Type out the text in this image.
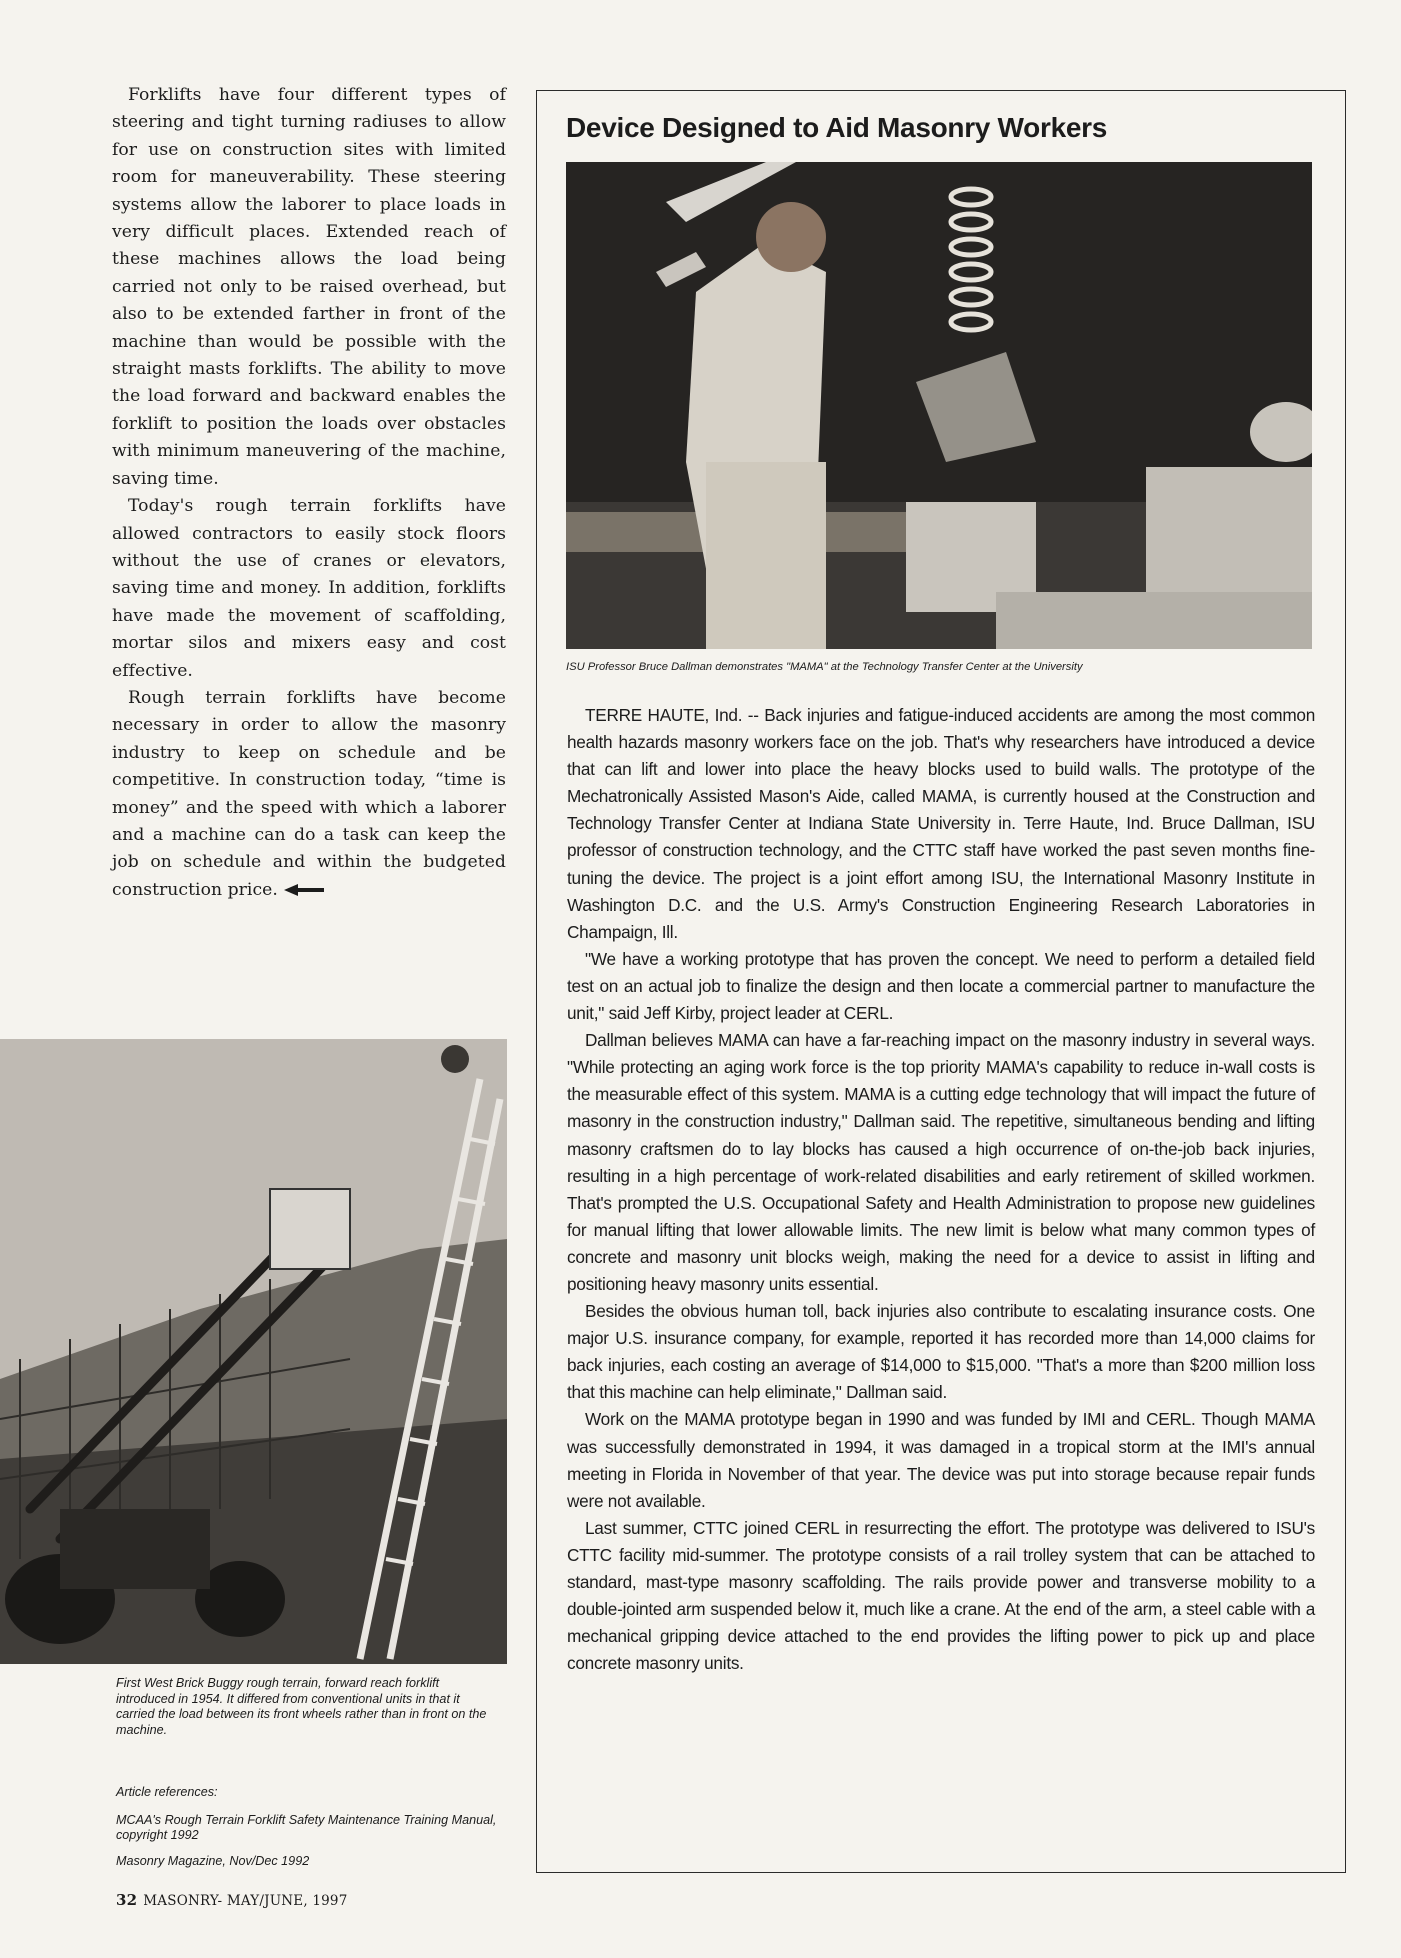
Forklifts have four different types of steering and tight turning radiuses to allow for use on construction sites with limited room for maneuverability. These steering systems allow the laborer to place loads in very difficult places. Extended reach of these machines allows the load being carried not only to be raised overhead, but also to be extended farther in front of the machine than would be possible with the straight masts forklifts. The ability to move the load forward and backward enables the forklift to position the loads over obstacles with minimum maneuvering of the machine, saving time.

Today's rough terrain forklifts have allowed contractors to easily stock floors without the use of cranes or elevators, saving time and money. In addition, forklifts have made the movement of scaffolding, mortar silos and mixers easy and cost effective.

Rough terrain forklifts have become necessary in order to allow the masonry industry to keep on schedule and be competitive. In construction today, “time is money” and the speed with which a laborer and a machine can do a task can keep the job on schedule and within the budgeted construction price.

First West Brick Buggy rough terrain, forward reach forklift introduced in 1954. It differed from conventional units in that it carried the load between its front wheels rather than in front on the machine.
Article references:
MCAA's Rough Terrain Forklift Safety Maintenance Training Manual, copyright 1992
Masonry Magazine, Nov/Dec 1992
32 MASONRY- MAY/JUNE, 1997
Device Designed to Aid Masonry Workers
ISU Professor Bruce Dallman demonstrates "MAMA" at the Technology Transfer Center at the University

TERRE HAUTE, Ind. -- Back injuries and fatigue-induced accidents are among the most common health hazards masonry workers face on the job. That's why researchers have introduced a device that can lift and lower into place the heavy blocks used to build walls. The prototype of the Mechatronically Assisted Mason's Aide, called MAMA, is currently housed at the Construction and Technology Transfer Center at Indiana State University in. Terre Haute, Ind. Bruce Dallman, ISU professor of construction technology, and the CTTC staff have worked the past seven months fine-tuning the device. The project is a joint effort among ISU, the International Masonry Institute in Washington D.C. and the U.S. Army's Construction Engineering Research Laboratories in Champaign, Ill.

"We have a working prototype that has proven the concept. We need to perform a detailed field test on an actual job to finalize the design and then locate a commercial partner to manufacture the unit," said Jeff Kirby, project leader at CERL.

Dallman believes MAMA can have a far-reaching impact on the masonry industry in several ways. "While protecting an aging work force is the top priority MAMA's capability to reduce in-wall costs is the measurable effect of this system. MAMA is a cutting edge technology that will impact the future of masonry in the construction industry," Dallman said. The repetitive, simultaneous bending and lifting masonry craftsmen do to lay blocks has caused a high occurrence of on-the-job back injuries, resulting in a high percentage of work-related disabilities and early retirement of skilled workmen. That's prompted the U.S. Occupational Safety and Health Administration to propose new guidelines for manual lifting that lower allowable limits. The new limit is below what many common types of concrete and masonry unit blocks weigh, making the need for a device to assist in lifting and positioning heavy masonry units essential.

Besides the obvious human toll, back injuries also contribute to escalating insurance costs. One major U.S. insurance company, for example, reported it has recorded more than 14,000 claims for back injuries, each costing an average of $14,000 to $15,000. "That's a more than $200 million loss that this machine can help eliminate," Dallman said.

Work on the MAMA prototype began in 1990 and was funded by IMI and CERL. Though MAMA was successfully demonstrated in 1994, it was damaged in a tropical storm at the IMI's annual meeting in Florida in November of that year. The device was put into storage because repair funds were not available.

Last summer, CTTC joined CERL in resurrecting the effort. The prototype was delivered to ISU's CTTC facility mid-summer. The prototype consists of a rail trolley system that can be attached to standard, mast-type masonry scaffolding. The rails provide power and transverse mobility to a double-jointed arm suspended below it, much like a crane. At the end of the arm, a steel cable with a mechanical gripping device attached to the end provides the lifting power to pick up and place concrete masonry units.
